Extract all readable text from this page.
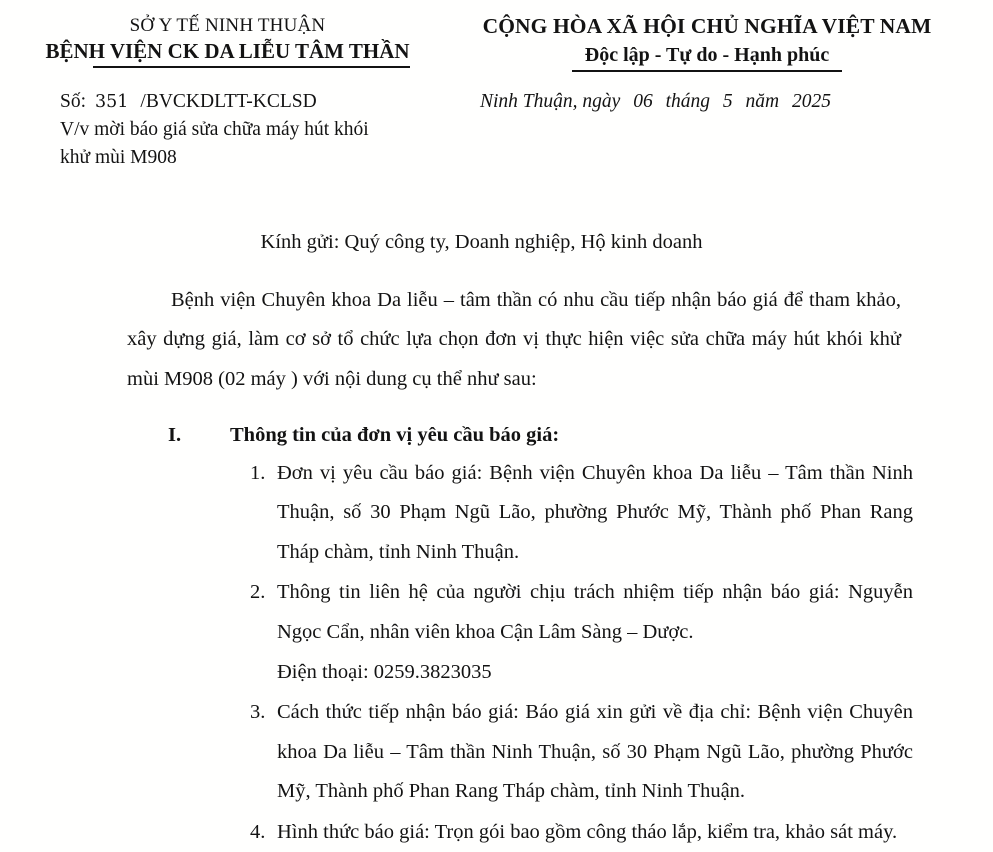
SỞ Y TẾ NINH THUẬN
BỆNH VIỆN CK DA LIỄU TÂM THẦN
CỘNG HÒA XÃ HỘI CHỦ NGHĨA VIỆT NAM
Độc lập - Tự do - Hạnh phúc
Số: 351 /BVCKDLTT-KCLSD
V/v mời báo giá sửa chữa máy hút khói khử mùi M908
Ninh Thuận, ngày 06 tháng 5 năm 2025
Kính gửi: Quý công ty, Doanh nghiệp, Hộ kinh doanh
Bệnh viện Chuyên khoa Da liễu – tâm thần có nhu cầu tiếp nhận báo giá để tham khảo, xây dựng giá, làm cơ sở tổ chức lựa chọn đơn vị thực hiện việc sửa chữa máy hút khói khử mùi M908 (02 máy ) với nội dung cụ thể như sau:
I.	Thông tin của đơn vị yêu cầu báo giá:
1. Đơn vị yêu cầu báo giá: Bệnh viện Chuyên khoa Da liễu – Tâm thần Ninh Thuận, số 30 Phạm Ngũ Lão, phường Phước Mỹ, Thành phố Phan Rang Tháp chàm, tỉnh Ninh Thuận.
2. Thông tin liên hệ của người chịu trách nhiệm tiếp nhận báo giá: Nguyễn Ngọc Cẩn, nhân viên khoa Cận Lâm Sàng – Dược.
Điện thoại: 0259.3823035
3. Cách thức tiếp nhận báo giá: Báo giá xin gửi về địa chỉ: Bệnh viện Chuyên khoa Da liễu – Tâm thần Ninh Thuận, số 30 Phạm Ngũ Lão, phường Phước Mỹ, Thành phố Phan Rang Tháp chàm, tỉnh Ninh Thuận.
4. Hình thức báo giá: Trọn gói bao gồm công tháo lắp, kiểm tra, khảo sát máy.
